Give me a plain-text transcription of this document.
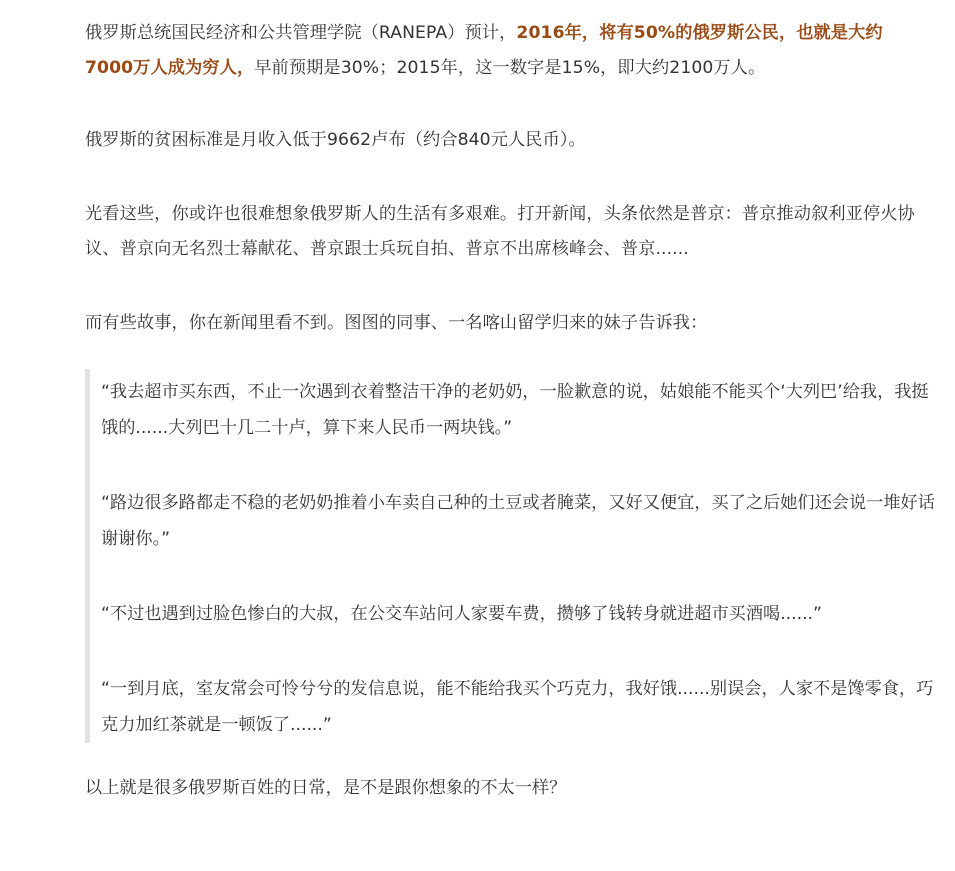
俄罗斯总统国民经济和公共管理学院（RANEPA）预计，2016年，将有50%的俄罗斯公民，也就是大约7000万人成为穷人，早前预期是30%；2015年，这一数字是15%，即大约2100万人。

俄罗斯的贫困标准是月收入低于9662卢布（约合840元人民币）。

光看这些，你或许也很难想象俄罗斯人的生活有多艰难。打开新闻，头条依然是普京：普京推动叙利亚停火协议、普京向无名烈士幕献花、普京跟士兵玩自拍、普京不出席核峰会、普京......

而有些故事，你在新闻里看不到。图图的同事、一名喀山留学归来的妹子告诉我：

“我去超市买东西，不止一次遇到衣着整洁干净的老奶奶，一脸歉意的说，姑娘能不能买个‘大列巴’给我，我挺饿的......大列巴十几二十卢，算下来人民币一两块钱。”

“路边很多路都走不稳的老奶奶推着小车卖自己种的土豆或者腌菜，又好又便宜，买了之后她们还会说一堆好话谢谢你。”

“不过也遇到过脸色惨白的大叔，在公交车站问人家要车费，攒够了钱转身就进超市买酒喝......”

“一到月底，室友常会可怜兮兮的发信息说，能不能给我买个巧克力，我好饿......别误会，人家不是馋零食，巧克力加红茶就是一顿饭了......”

以上就是很多俄罗斯百姓的日常，是不是跟你想象的不太一样？
